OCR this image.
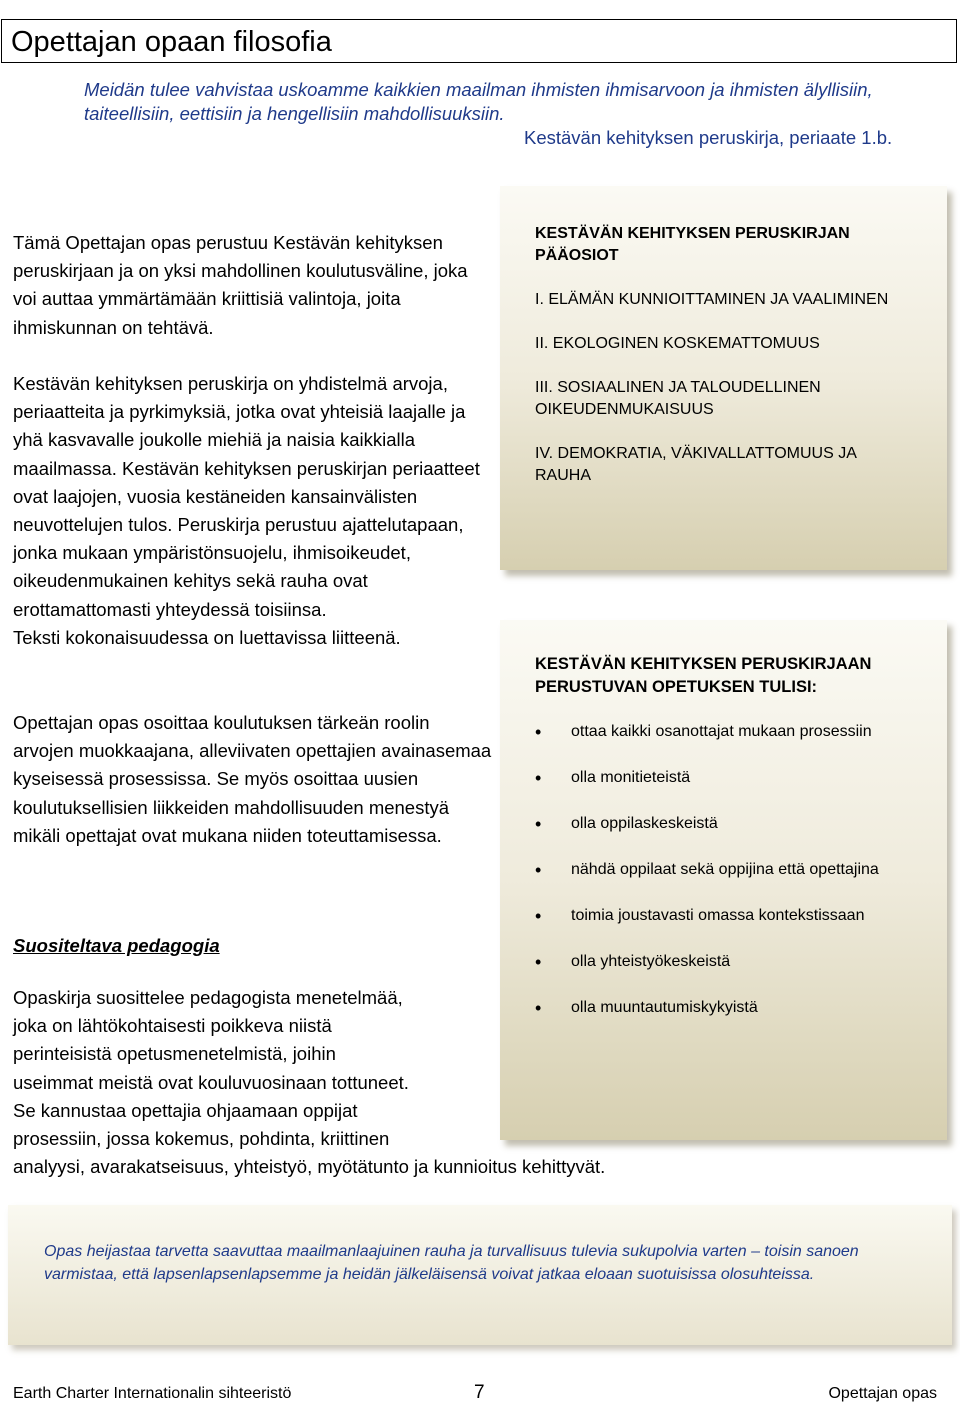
Opettajan opaan filosofia
Meidän tulee vahvistaa uskoamme kaikkien maailman ihmisten ihmisarvoon ja ihmisten älyllisiin, taiteellisiin, eettisiin ja hengellisiin mahdollisuuksiin.
Kestävän kehityksen peruskirja, periaate 1.b.

Tämä Opettajan opas perustuu Kestävän kehityksen peruskirjaan ja on yksi mahdollinen koulutusväline, joka voi auttaa ymmärtämään kriittisiä valintoja, joita ihmiskunnan on tehtävä.

Kestävän kehityksen peruskirja on yhdistelmä arvoja, periaatteita ja pyrkimyksiä, jotka ovat yhteisiä laajalle ja yhä kasvavalle joukolle miehiä ja naisia kaikkialla maailmassa. Kestävän kehityksen peruskirjan periaatteet ovat laajojen, vuosia kestäneiden kansainvälisten neuvottelujen tulos. Peruskirja perustuu ajattelutapaan, jonka mukaan ympäristönsuojelu, ihmisoikeudet, oikeudenmukainen kehitys sekä rauha ovat erottamattomasti yhteydessä toisiinsa.

Teksti kokonaisuudessa on luettavissa liitteenä.

Opettajan opas osoittaa koulutuksen tärkeän roolin arvojen muokkaajana, alleviivaten opettajien avainasemaa kyseisessä prosessissa. Se myös osoittaa uusien koulutuksellisien liikkeiden mahdollisuuden menestyä mikäli opettajat ovat mukana niiden toteuttamisessa.

Suositeltava pedagogia
Opaskirja suosittelee pedagogista menetelmää,
joka on lähtökohtaisesti poikkeva niistä
perinteisistä opetusmenetelmistä, joihin
useimmat meistä ovat kouluvuosinaan tottuneet.
Se kannustaa opettajia ohjaamaan oppijat
prosessiin, jossa kokemus, pohdinta, kriittinen
analyysi, avarakatseisuus, yhteistyö, myötätunto ja kunnioitus kehittyvät.
KESTÄVÄN KEHITYKSEN PERUSKIRJAN PÄÄOSIOT
I. ELÄMÄN KUNNIOITTAMINEN JA VAALIMINEN
II. EKOLOGINEN KOSKEMATTOMUUS
III. SOSIAALINEN JA TALOUDELLINEN OIKEUDENMUKAISUUS
IV. DEMOKRATIA, VÄKIVALLATTOMUUS JA RAUHA
KESTÄVÄN KEHITYKSEN PERUSKIRJAAN PERUSTUVAN OPETUKSEN TULISI:
• ottaa kaikki osanottajat mukaan prosessiin
• olla monitieteistä
• olla oppilaskeskeistä
• nähdä oppilaat sekä oppijina että opettajina
• toimia joustavasti omassa kontekstissaan
• olla yhteistyökeskeistä
• olla muuntautumiskykyistä
Opas heijastaa tarvetta saavuttaa maailmanlaajuinen rauha ja turvallisuus tulevia sukupolvia varten – toisin sanoen varmistaa, että lapsenlapsenlapsemme ja heidän jälkeläisensä voivat jatkaa eloaan suotuisissa olosuhteissa.
Earth Charter Internationalin sihteeristö	7	Opettajan opas
